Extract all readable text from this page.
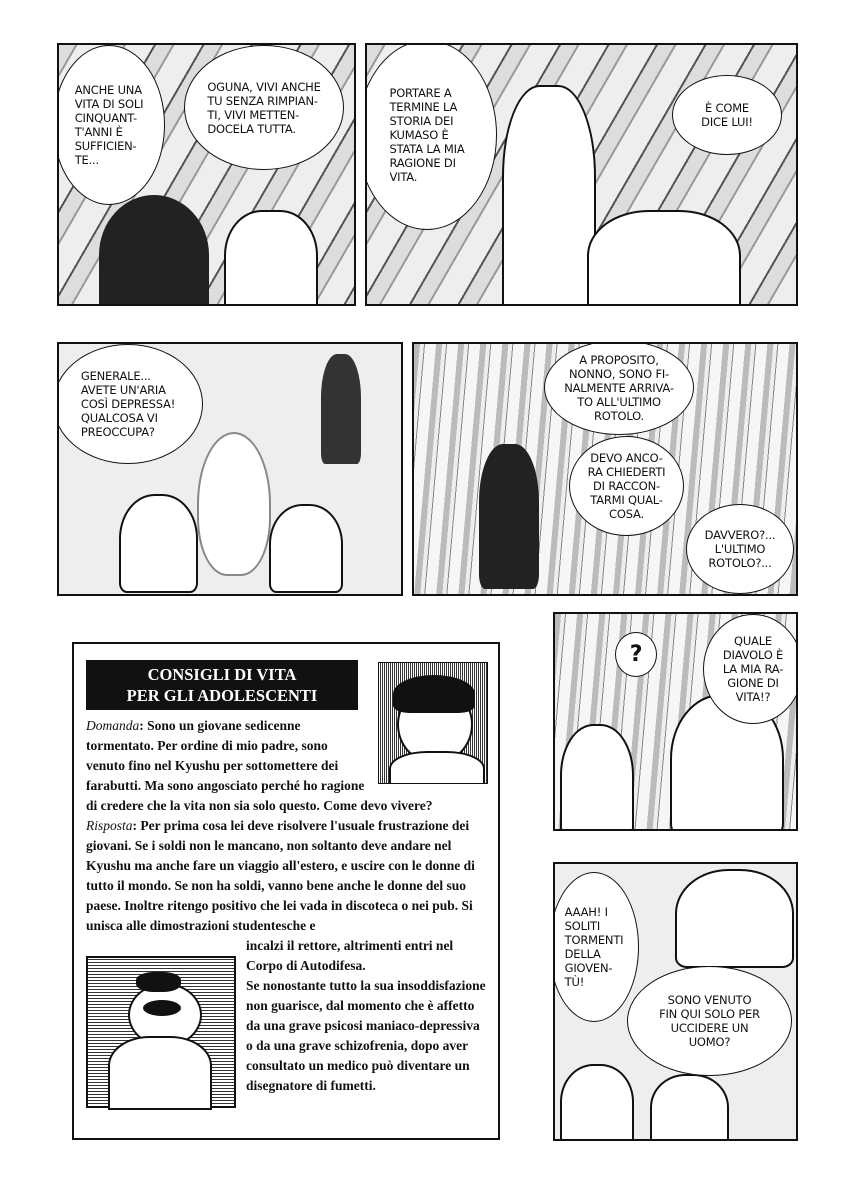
ANCHE UNA
VITA DI SOLI
CINQUANT-
T'ANNI È
SUFFICIEN-
TE...
OGUNA, VIVI ANCHE
TU SENZA RIMPIAN-
TI, VIVI METTEN-
DOCELA TUTTA.
PORTARE A
TERMINE LA
STORIA DEI
KUMASO È
STATA LA MIA
RAGIONE DI
VITA.
È COME
DICE LUI!
GENERALE...
AVETE UN'ARIA
COSÌ DEPRESSA!
QUALCOSA VI
PREOCCUPA?
A PROPOSITO,
NONNO, SONO FI-
NALMENTE ARRIVA-
TO ALL'ULTIMO
ROTOLO.
DEVO ANCO-
RA CHIEDERTI
DI RACCON-
TARMI QUAL-
COSA.
DAVVERO?...
L'ULTIMO
ROTOLO?...
CONSIGLI DI VITA
PER GLI ADOLESCENTI

Domanda: Sono un giovane sedicenne tormentato. Per ordine di mio padre, sono venuto fino nel Kyushu per sottomettere dei farabutti. Ma sono angosciato perché ho ragione di credere che la vita non sia solo questo. Come devo vivere?

Risposta: Per prima cosa lei deve risolvere l'usuale frustrazione dei giovani. Se i soldi non le mancano, non soltanto deve andare nel Kyushu ma anche fare un viaggio all'estero, e uscire con le donne di tutto il mondo. Se non ha soldi, vanno bene anche le donne del suo paese. Inoltre ritengo positivo che lei vada in discoteca o nei pub. Si unisca alle dimostrazioni studentesche e

incalzi il rettore, altrimenti entri nel Corpo di Autodifesa.
Se nonostante tutto la sua insoddisfazione non guarisce, dal momento che è affetto da una grave psicosi maniaco-depressiva o da una grave schizofrenia, dopo aver consultato un medico può diventare un disegnatore di fumetti.

?
QUALE
DIAVOLO È
LA MIA RA-
GIONE DI
VITA!?
SONO VENUTO
FIN QUI SOLO PER
UCCIDERE UN
UOMO?
AAAH! I
SOLITI
TORMENTI
DELLA
GIOVEN-
TÙ!
